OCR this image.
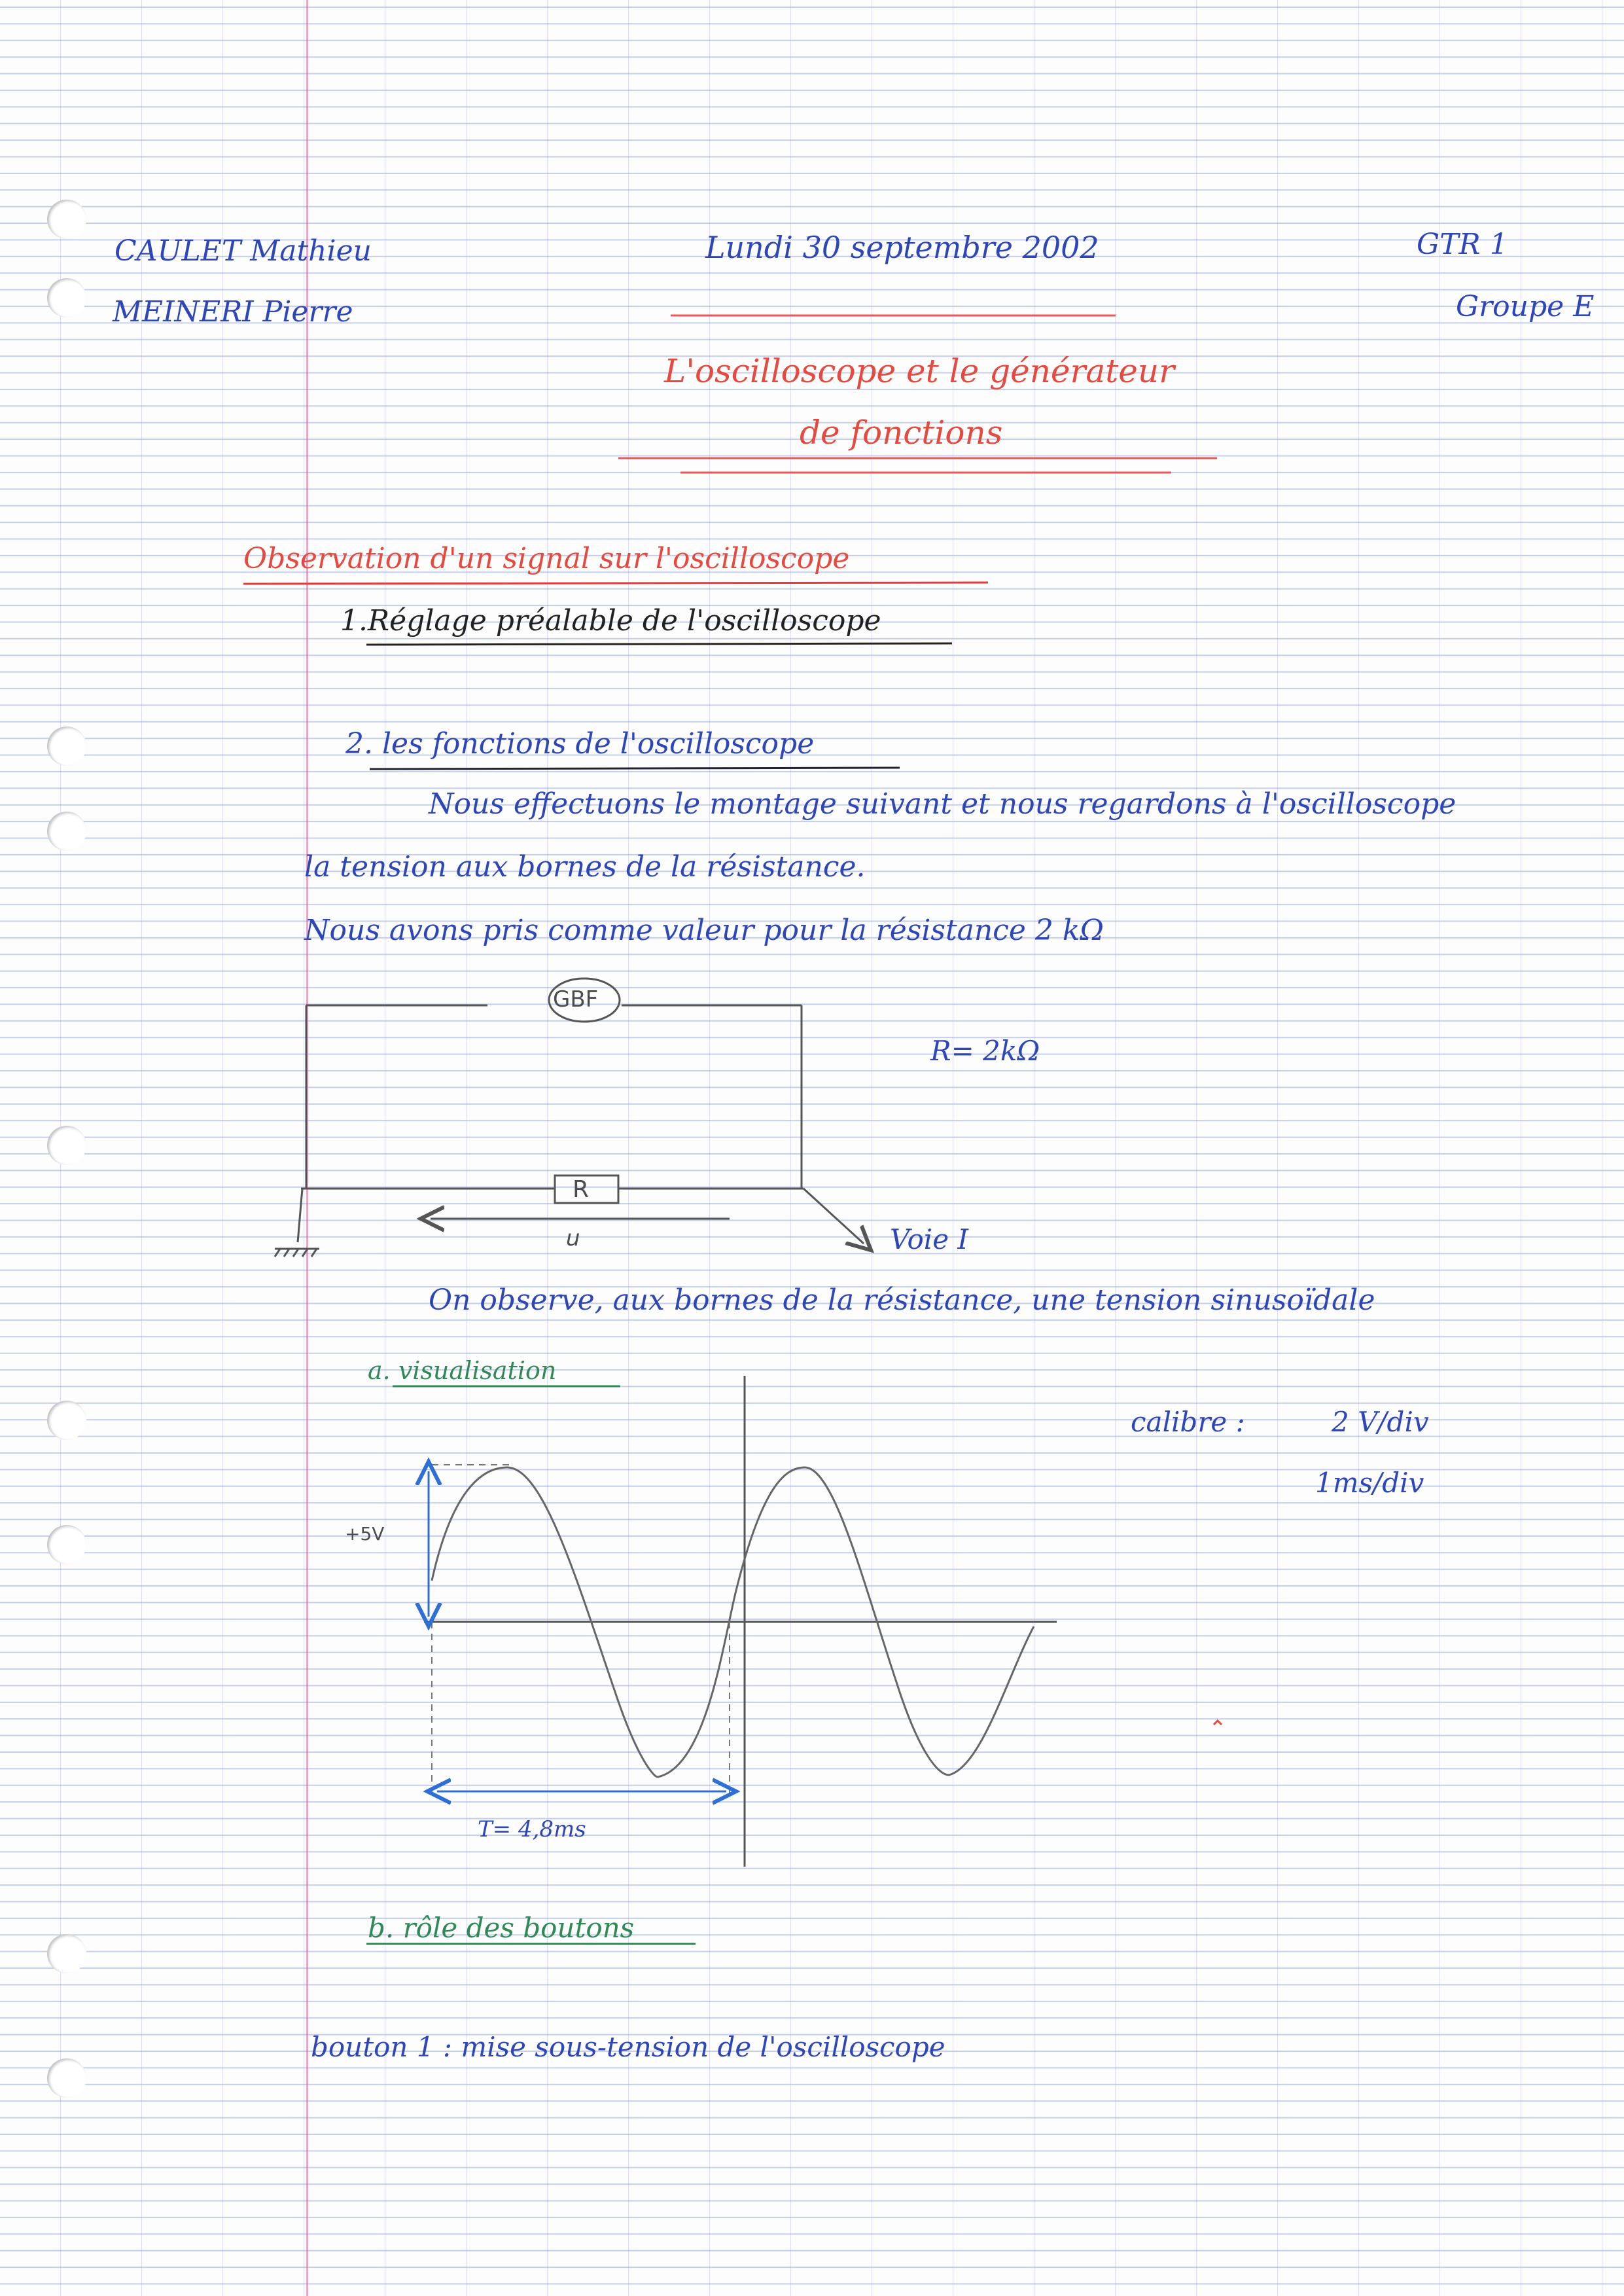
CAULET Mathieu
MEINERI Pierre
Lundi 30 septembre 2002	GTR 1
Groupe E
L'oscilloscope et le générateur
de fonctions
Observation d'un signal sur l'oscilloscope
1.Réglage préalable de l'oscilloscope
2. les fonctions de l'oscilloscope
Nous effectuons le montage suivant et nous regardons à l'oscilloscope
la tension aux bornes de la résistance.
Nous avons pris comme valeur pour la résistance 2 kΩ
GBF
R
R= 2kΩ
u	Voie I
On observe, aux bornes de la résistance, une tension sinusoïdale
a. visualisation
calibre :	2 V/div
1ms/div
+5V
T= 4,8ms
b. rôle des boutons
bouton 1 : mise sous-tension de l'oscilloscope
